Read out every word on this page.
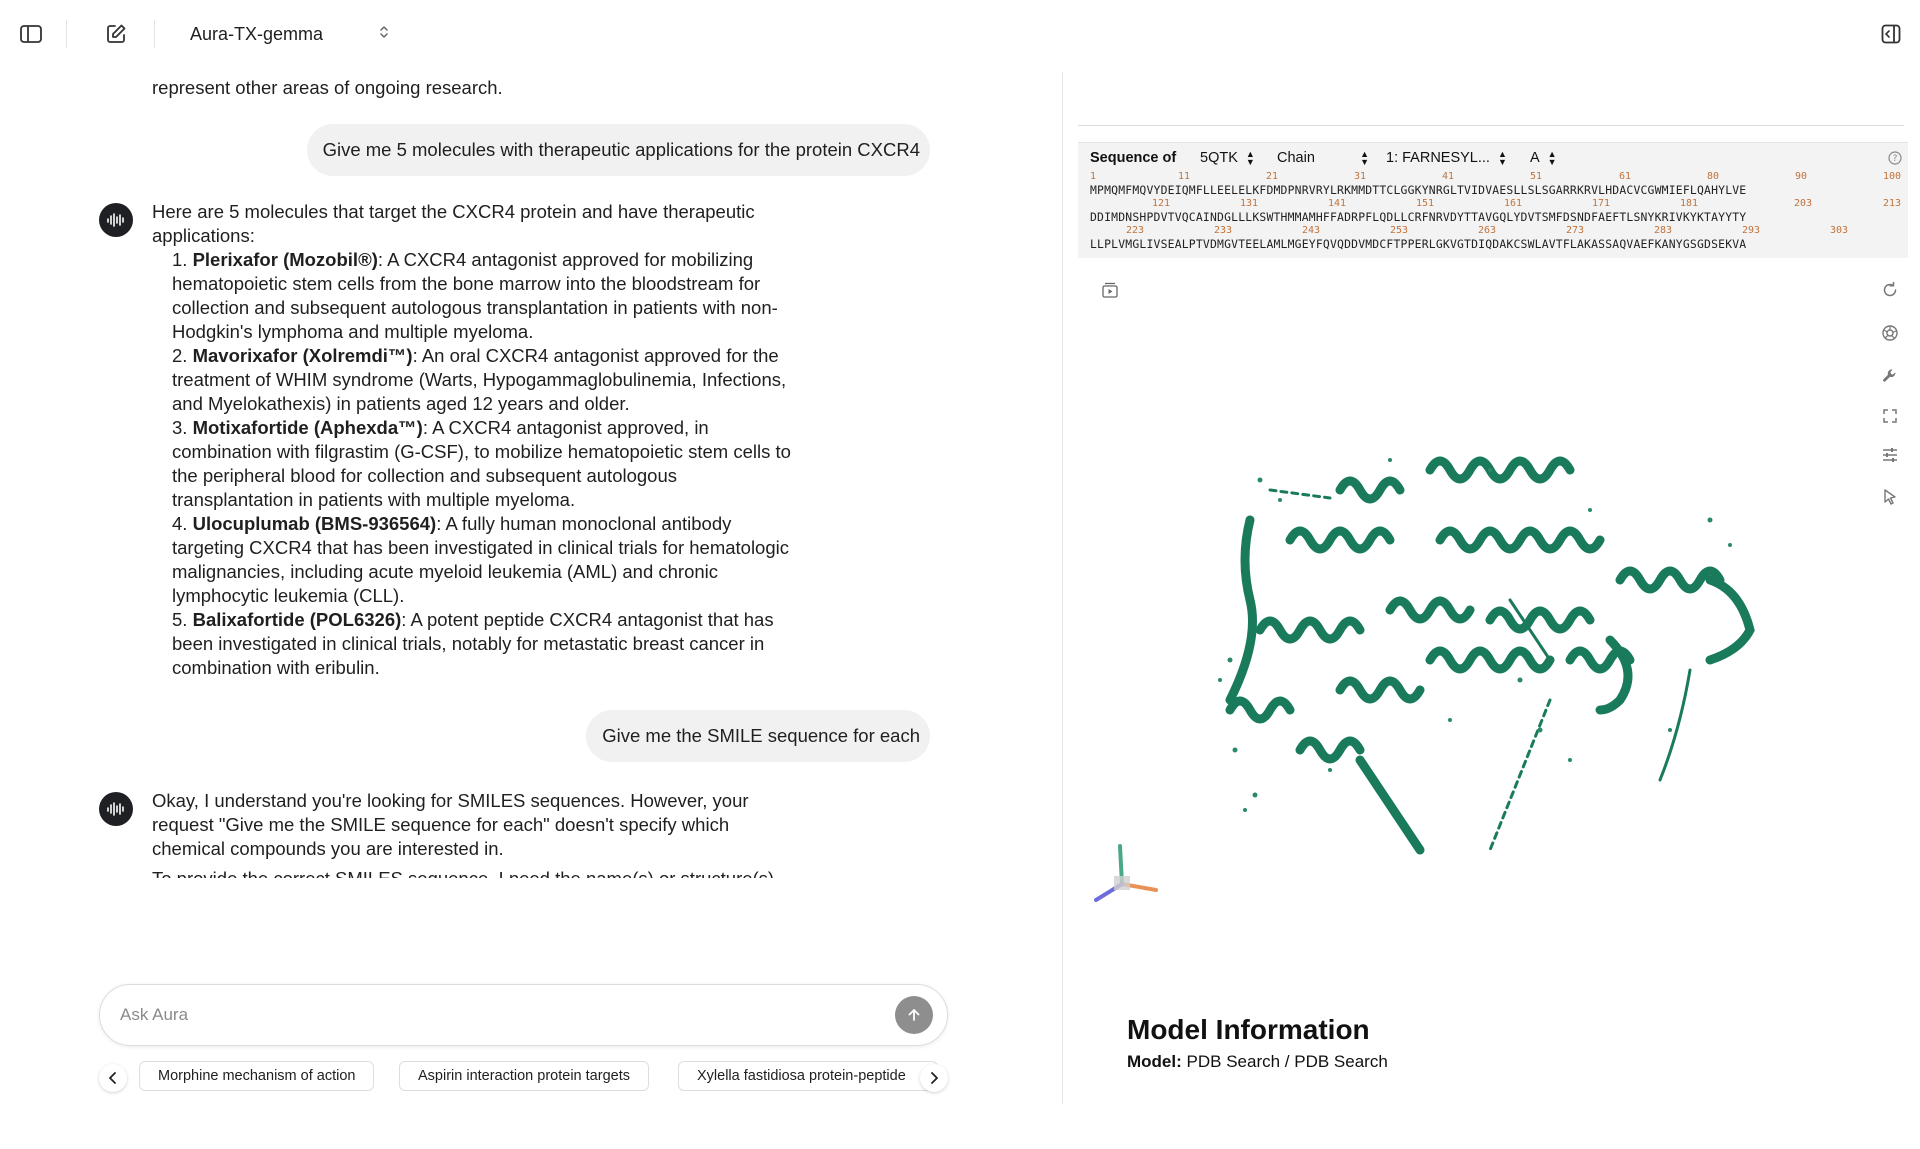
Aura-TX-gemma
represent other areas of ongoing research.
Give me 5 molecules with therapeutic applications for the protein CXCR4
Here are 5 molecules that target the CXCR4 protein and have therapeutic applications:
1. Plerixafor (Mozobil®): A CXCR4 antagonist approved for mobilizing hematopoietic stem cells from the bone marrow into the bloodstream for collection and subsequent autologous transplantation in patients with non-Hodgkin's lymphoma and multiple myeloma.
2. Mavorixafor (Xolremdi™): An oral CXCR4 antagonist approved for the treatment of WHIM syndrome (Warts, Hypogammaglobulinemia, Infections, and Myelokathexis) in patients aged 12 years and older.
3. Motixafortide (Aphexda™): A CXCR4 antagonist approved, in combination with filgrastim (G-CSF), to mobilize hematopoietic stem cells to the peripheral blood for collection and subsequent autologous transplantation in patients with multiple myeloma.
4. Ulocuplumab (BMS-936564): A fully human monoclonal antibody targeting CXCR4 that has been investigated in clinical trials for hematologic malignancies, including acute myeloid leukemia (AML) and chronic lymphocytic leukemia (CLL).
5. Balixafortide (POL6326): A potent peptide CXCR4 antagonist that has been investigated in clinical trials, notably for metastatic breast cancer in combination with eribulin.
Give me the SMILE sequence for each
Okay, I understand you're looking for SMILES sequences. However, your request "Give me the SMILE sequence for each" doesn't specify which chemical compounds you are interested in.
Ask Aura
Morphine mechanism of action	Aspirin interaction protein targets	Xylella fastidiosa protein-peptide
Sequence of 5QTK ▲
▼ Chain	▲
▼ 1: FARNESYL... ▲
▼ A ▲
▼	?
1	11	21	31	41	51	61	80	90	100
MPMQMFMQVYDEIQMFLLEELELKFDMDPNRVRYLRKMMDTTCLGGKYNRGLTVIDVAESLLSLSGARRKRVLHDACVCGWMIEFLQAHYLVE
121	131	141	151	161	171	181	203	213
DDIMDNSHPDVTVQCAINDGLLLKSWTHMMAMHFFADRPFLQDLLCRFNRVDYTTAVGQLYDVTSMFDSNDFAEFTLSNYKRIVKYKTAYYTY
223	233	243	253	263	273	283	293	303
LLPLVMGLIVSEALPTVDMGVTEELAMLMGEYFQVQDDVMDCFTPPERLGKVGTDIQDAKCSWLAVTFLAKASSAQVAEFKANYGSGDSEKVA
Model Information
Model: PDB Search / PDB Search
